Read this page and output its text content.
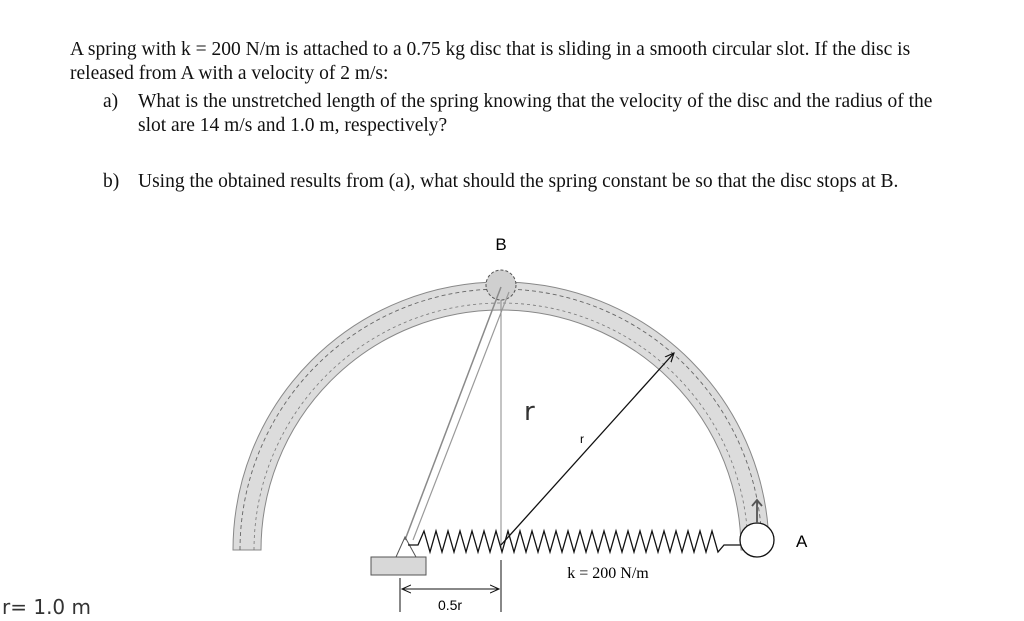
A spring with k = 200 N/m is attached to a 0.75 kg disc that is sliding in a smooth circular slot. If the disc is released from A with a velocity of 2 m/s:

a) What is the unstretched length of the spring knowing that the velocity of the disc and the radius of the slot are 14 m/s and 1.0 m, respectively?
b) Using the obtained results from (a), what should the spring constant be so that the disc stops at B.
B
A
r
r
k = 200 N/m
0.5r
r= 1.0 m
